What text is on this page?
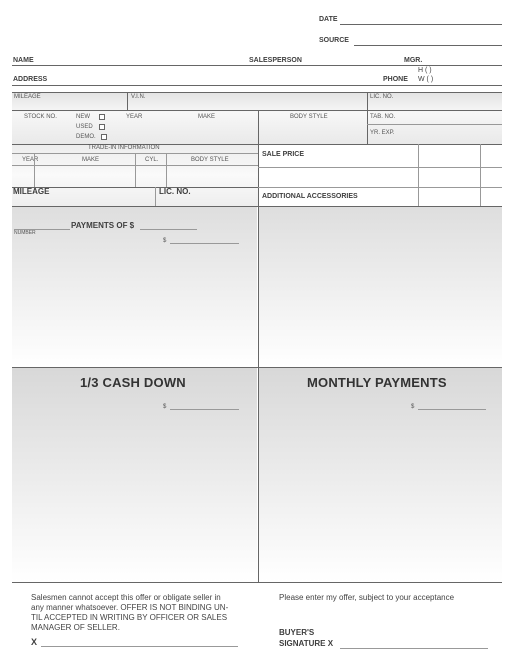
DATE
SOURCE
NAME	SALESPERSON	MGR.
H ( )
ADDRESS	PHONE W ( )
MILEAGE	V.I.N.	LIC. NO.
STOCK NO.	NEW
USED
DEMO.
YEAR	MAKE	BODY STYLE	TAB. NO.
YR. EXP.
TRADE-IN INFORMATION
YEAR	MAKE	CYL.	BODY STYLE
MILEAGE	LIC. NO.
SALE PRICE
ADDITIONAL ACCESSORIES
NUMBER
PAYMENTS OF $
$
1/3 CASH DOWN
$
MONTHLY PAYMENTS
$
Salesmen cannot accept this offer or obligate seller in
any manner whatsoever. OFFER IS NOT BINDING UN-
TIL ACCEPTED IN WRITING BY OFFICER OR SALES
MANAGER OF SELLER.
X
Please enter my offer, subject to your acceptance
BUYER'S
SIGNATURE X
